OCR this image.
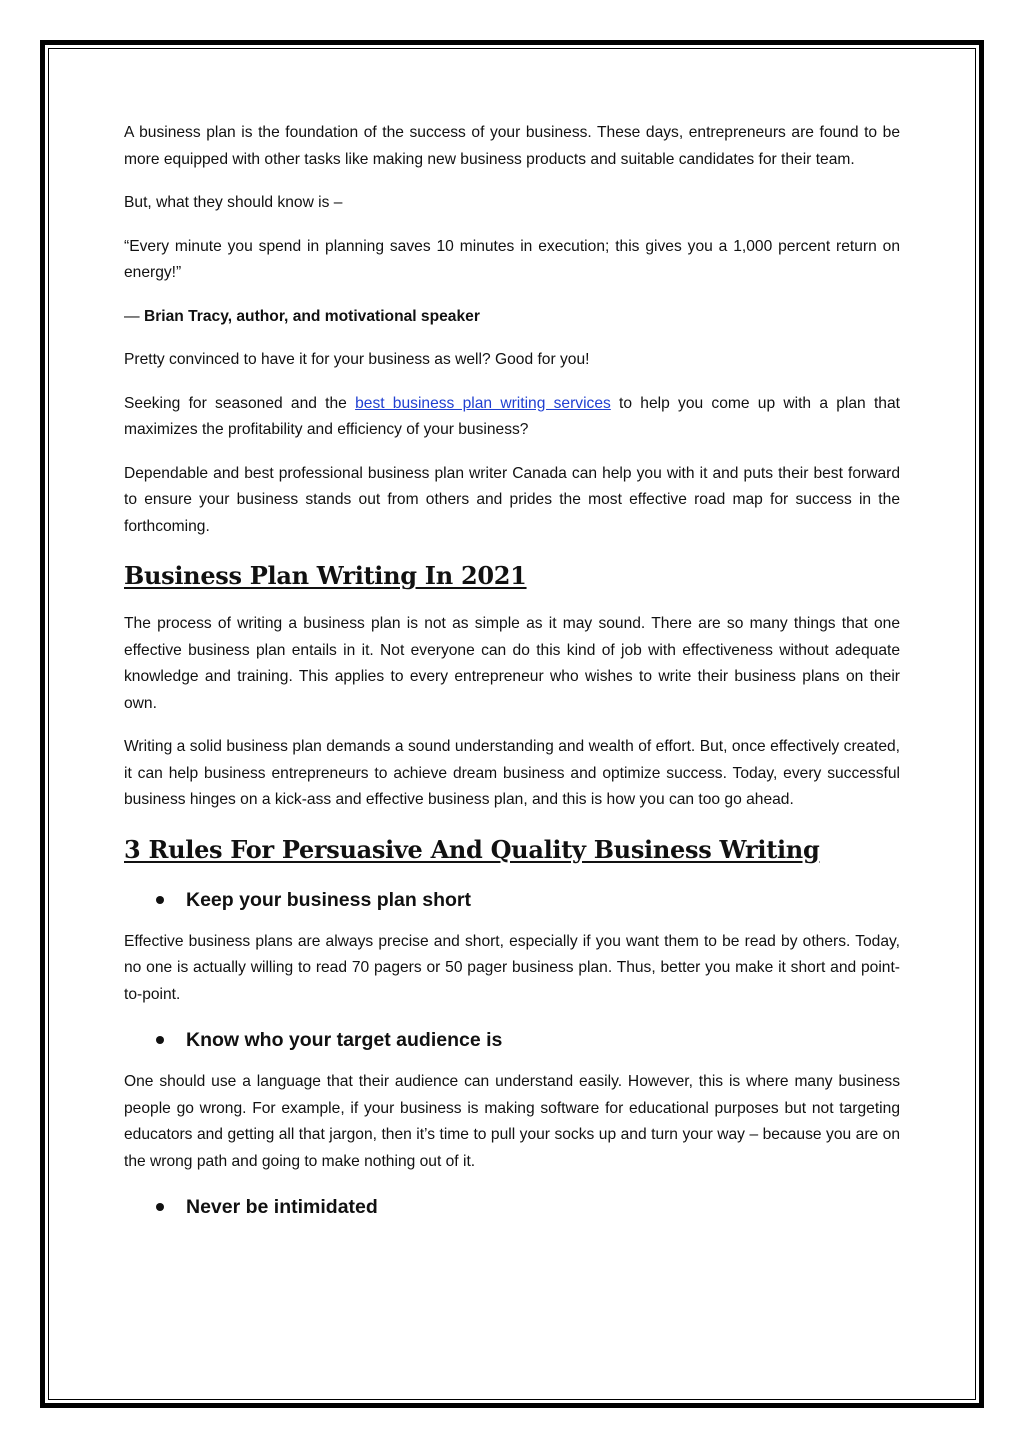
A business plan is the foundation of the success of your business. These days, entrepreneurs are found to be more equipped with other tasks like making new business products and suitable candidates for their team.

But, what they should know is –

“Every minute you spend in planning saves 10 minutes in execution; this gives you a 1,000 percent return on energy!”

— Brian Tracy, author, and motivational speaker

Pretty convinced to have it for your business as well? Good for you!

Seeking for seasoned and the best business plan writing services to help you come up with a plan that maximizes the profitability and efficiency of your business?

Dependable and best professional business plan writer Canada can help you with it and puts their best forward to ensure your business stands out from others and prides the most effective road map for success in the forthcoming.

Business Plan Writing In 2021

The process of writing a business plan is not as simple as it may sound. There are so many things that one effective business plan entails in it. Not everyone can do this kind of job with effectiveness without adequate knowledge and training. This applies to every entrepreneur who wishes to write their business plans on their own.

Writing a solid business plan demands a sound understanding and wealth of effort. But, once effectively created, it can help business entrepreneurs to achieve dream business and optimize success. Today, every successful business hinges on a kick-ass and effective business plan, and this is how you can too go ahead.

3 Rules For Persuasive And Quality Business Writing
Keep your business plan short

Effective business plans are always precise and short, especially if you want them to be read by others. Today, no one is actually willing to read 70 pagers or 50 pager business plan. Thus, better you make it short and point-to-point.

Know who your target audience is

One should use a language that their audience can understand easily. However, this is where many business people go wrong. For example, if your business is making software for educational purposes but not targeting educators and getting all that jargon, then it’s time to pull your socks up and turn your way – because you are on the wrong path and going to make nothing out of it.

Never be intimidated
